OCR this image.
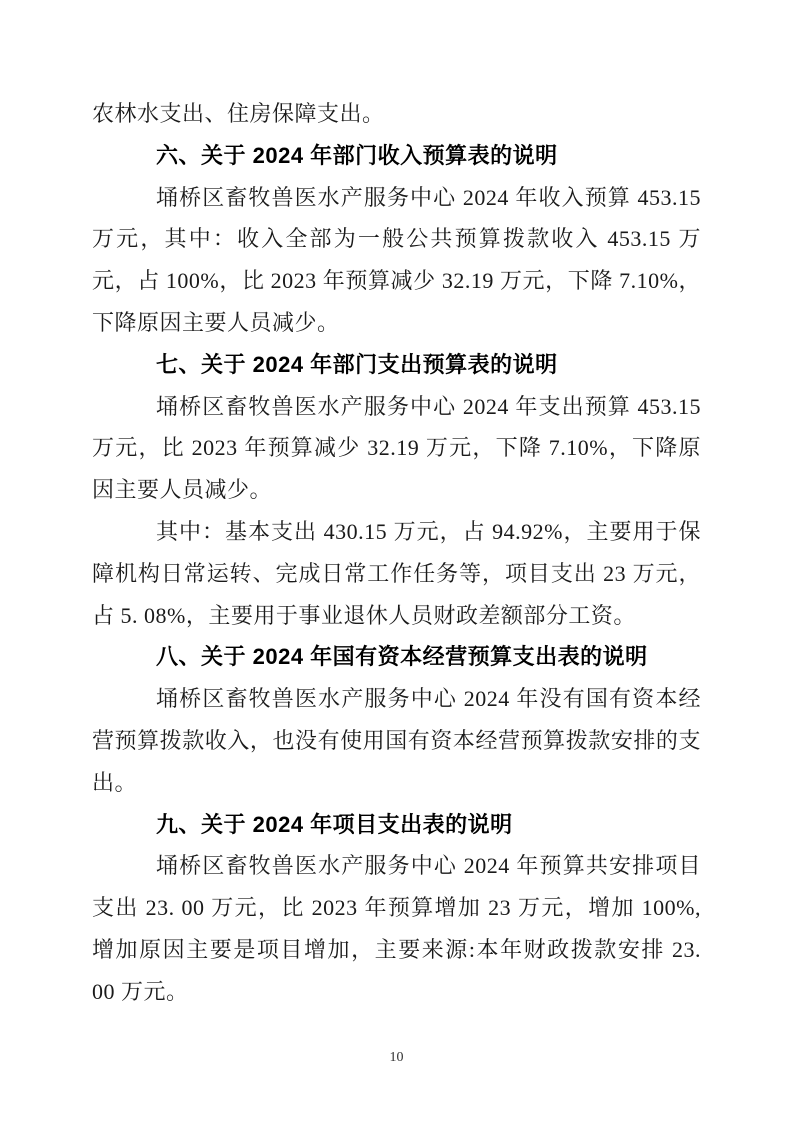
农林水支出、住房保障支出。

六、关于 2024 年部门收入预算表的说明

埇桥区畜牧兽医水产服务中心 2024 年收入预算 453.15 万元，其中：收入全部为一般公共预算拨款收入 453.15 万元，占 100%，比 2023 年预算减少 32.19 万元，下降 7.10%，下降原因主要人员减少。

七、关于 2024 年部门支出预算表的说明

埇桥区畜牧兽医水产服务中心 2024 年支出预算 453.15 万元，比 2023 年预算减少 32.19 万元，下降 7.10%，下降原因主要人员减少。

其中：基本支出 430.15 万元，占 94.92%，主要用于保障机构日常运转、完成日常工作任务等，项目支出 23 万元，占 5. 08%，主要用于事业退休人员财政差额部分工资。

八、关于 2024 年国有资本经营预算支出表的说明

埇桥区畜牧兽医水产服务中心 2024 年没有国有资本经营预算拨款收入，也没有使用国有资本经营预算拨款安排的支出。

九、关于 2024 年项目支出表的说明

埇桥区畜牧兽医水产服务中心 2024 年预算共安排项目支出 23. 00 万元，比 2023 年预算增加 23 万元，增加 100%,增加原因主要是项目增加，主要来源:本年财政拨款安排 23. 00 万元。

10
